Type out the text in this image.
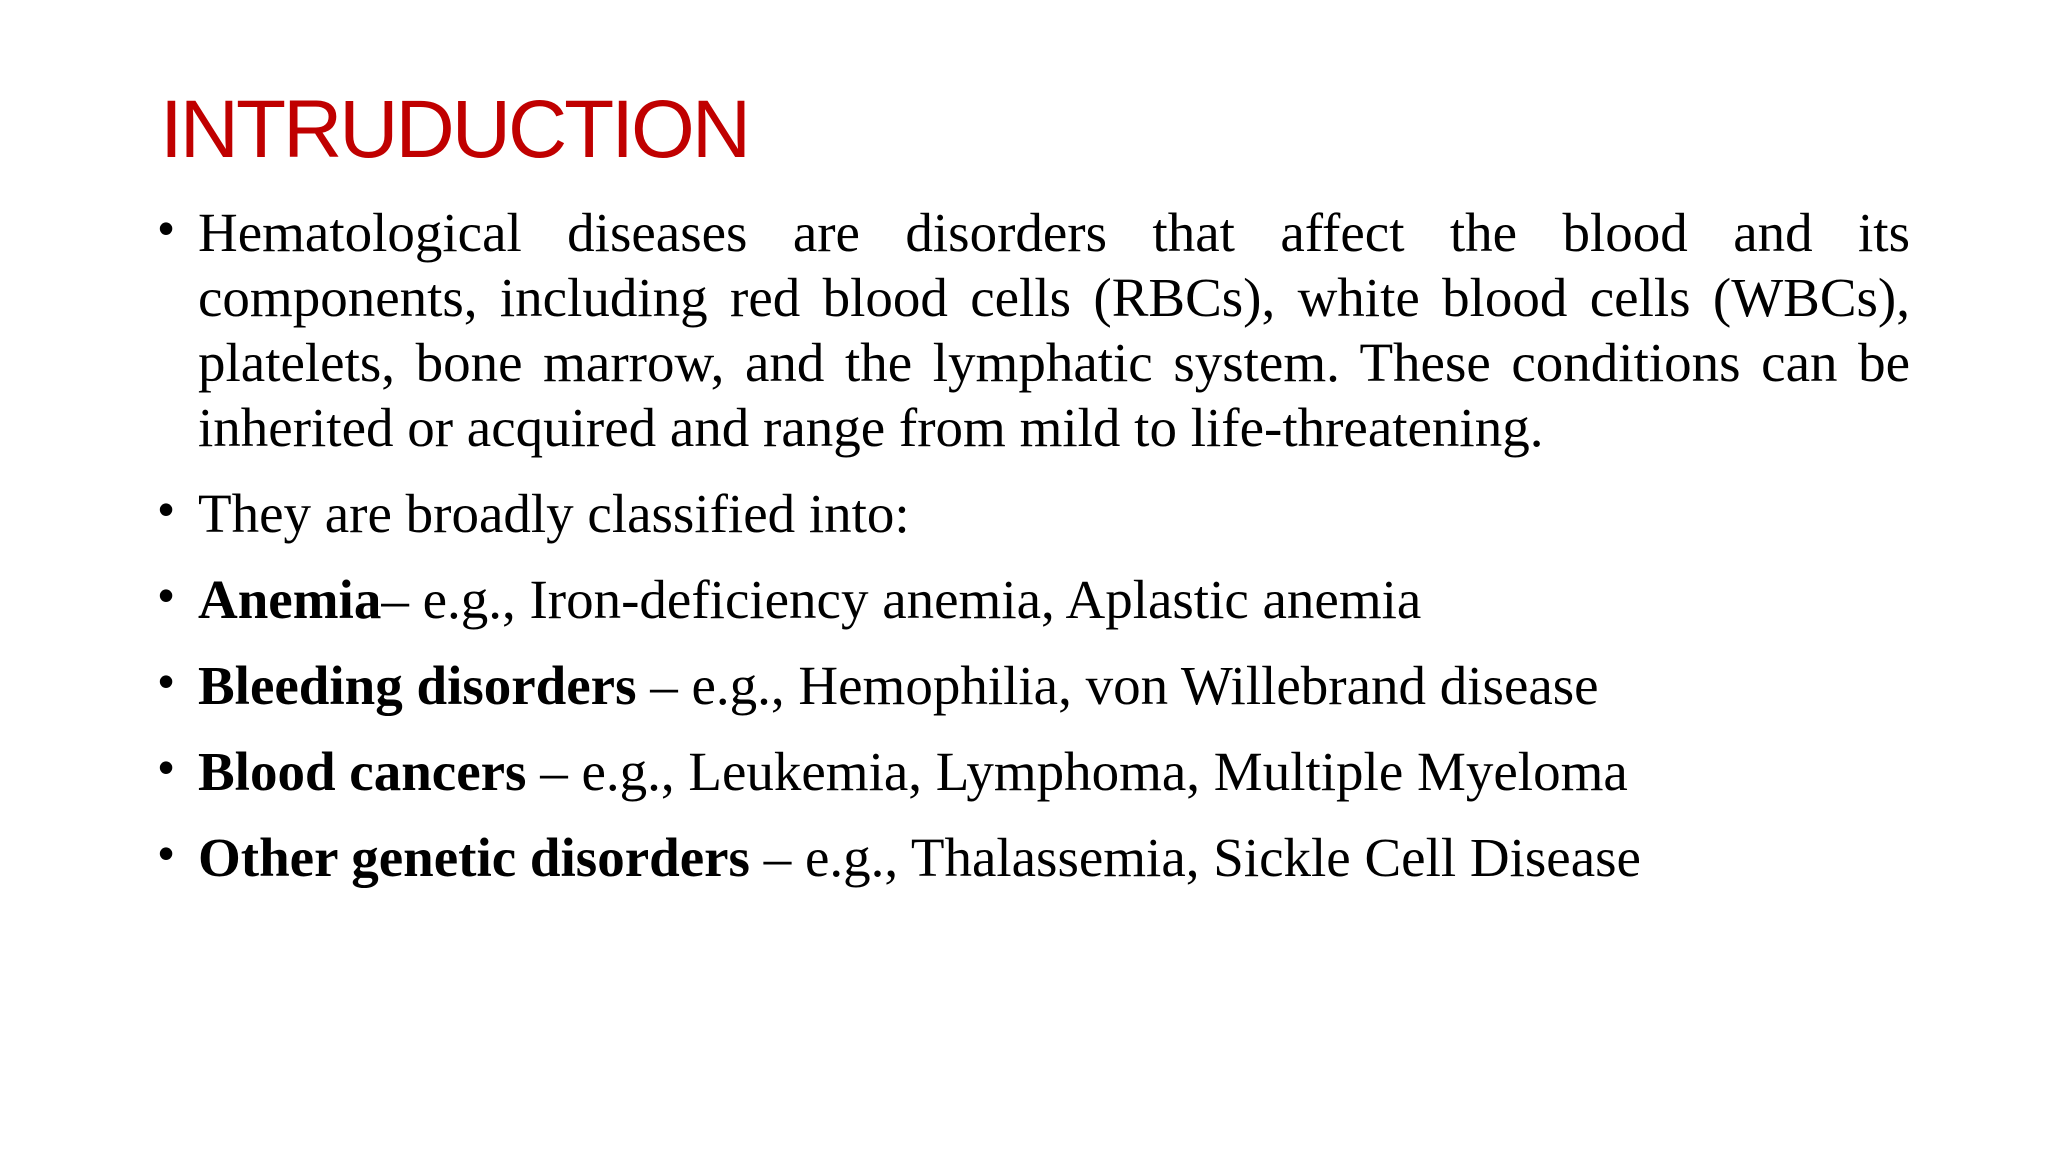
INTRUDUCTION
• Hematological diseases are disorders that affect the blood and its components, including red blood cells (RBCs), white blood cells (WBCs), platelets, bone marrow, and the lymphatic system. These conditions can be inherited or acquired and range from mild to life-threatening.
• They are broadly classified into:
• Anemia– e.g., Iron-deficiency anemia, Aplastic anemia
• Bleeding disorders – e.g., Hemophilia, von Willebrand disease
• Blood cancers – e.g., Leukemia, Lymphoma, Multiple Myeloma
• Other genetic disorders – e.g., Thalassemia, Sickle Cell Disease
